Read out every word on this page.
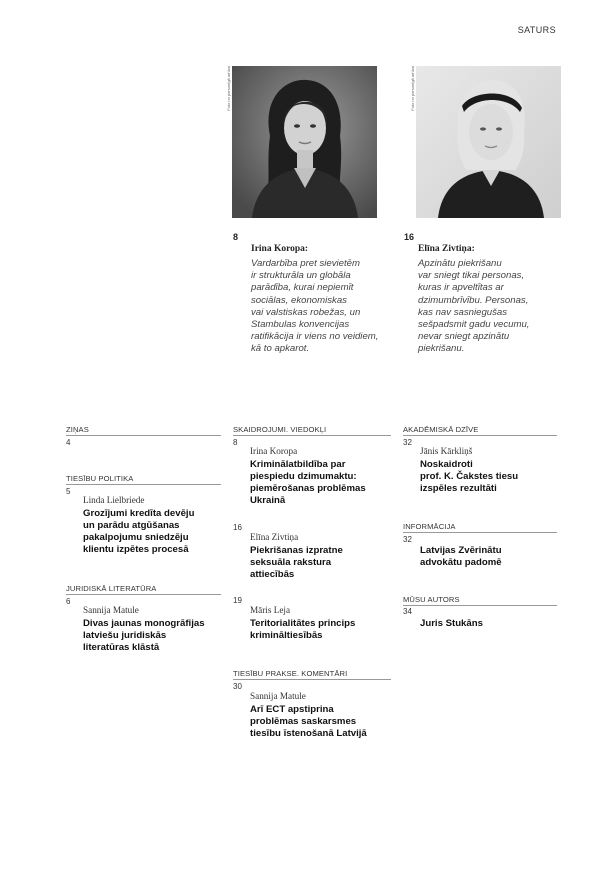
SATURS
Foto no personīgā arhīva
8
Irina Koropa:
Vardarbība pret sievietēm
ir strukturāla un globāla
parādība, kurai nepiemīt
sociālas, ekonomiskas
vai valstiskas robežas, un
Stambulas konvencijas
ratifikācija ir viens no veidiem,
kā to apkarot.
Foto no personīgā arhīva
16
Elīna Zivtiņa:
Apzinātu piekrišanu
var sniegt tikai personas,
kuras ir apveltītas ar
dzimumbrīvību. Personas,
kas nav sasniegušas
sešpadsmit gadu vecumu,
nevar sniegt apzinātu
piekrišanu.
ZIŅAS
4
TIESĪBU POLITIKA
5
Linda Lielbriede
Grozījumi kredīta devēju
un parādu atgūšanas
pakalpojumu sniedzēju
klientu izpētes procesā
JURIDISKĀ LITERATŪRA
6
Sannija Matule
Divas jaunas monogrāfijas
latviešu juridiskās
literatūras klāstā
SKAIDROJUMI. VIEDOKĻI
8
Irina Koropa
Kriminālatbildība par
piespiedu dzimumaktu:
piemērošanas problēmas
Ukrainā
16
Elīna Zivtiņa
Piekrišanas izpratne
seksuāla rakstura
attiecībās
19
Māris Leja
Teritorialitātes princips
krimināltiesībās
TIESĪBU PRAKSE. KOMENTĀRI
30
Sannija Matule
Arī ECT apstiprina
problēmas saskarsmes
tiesību īstenošanā Latvijā
AKADĒMISKĀ DZĪVE
32
Jānis Kārkliņš
Noskaidroti
prof. K. Čakstes tiesu
izspēles rezultāti
INFORMĀCIJA
32
Latvijas Zvērinātu
advokātu padomē
MŪSU AUTORS
34
Juris Stukāns
